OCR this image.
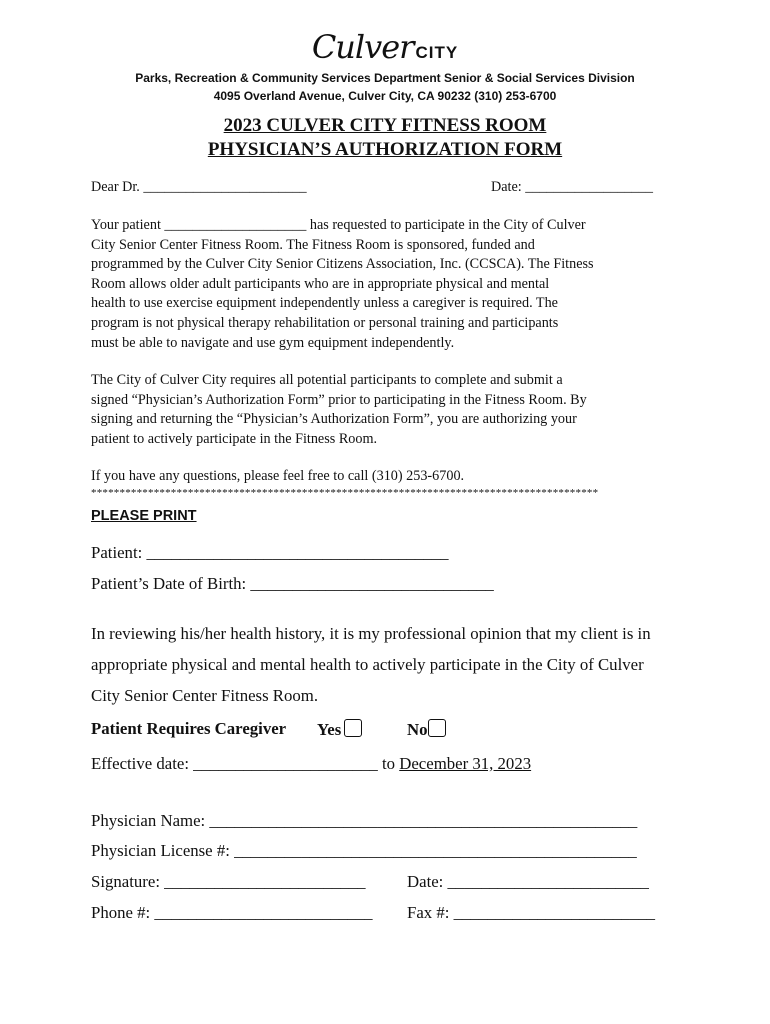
Culver CITY
Parks, Recreation & Community Services Department Senior & Social Services Division
4095 Overland Avenue, Culver City, CA 90232 (310) 253-6700
2023 CULVER CITY FITNESS ROOM
PHYSICIAN’S AUTHORIZATION FORM
Dear Dr. _______________________	Date: __________________
Your patient ____________________ has requested to participate in the City of Culver
City Senior Center Fitness Room. The Fitness Room is sponsored, funded and
programmed by the Culver City Senior Citizens Association, Inc. (CCSCA). The Fitness
Room allows older adult participants who are in appropriate physical and mental
health to use exercise equipment independently unless a caregiver is required. The
program is not physical therapy rehabilitation or personal training and participants
must be able to navigate and use gym equipment independently.
The City of Culver City requires all potential participants to complete and submit a
signed “Physician’s Authorization Form” prior to participating in the Fitness Room. By
signing and returning the “Physician’s Authorization Form”, you are authorizing your
patient to actively participate in the Fitness Room.
If you have any questions, please feel free to call (310) 253-6700.
*****************************************************************************************
PLEASE PRINT
Patient: ____________________________________
Patient’s Date of Birth: _____________________________
In reviewing his/her health history, it is my professional opinion that my client is in
appropriate physical and mental health to actively participate in the City of Culver
City Senior Center Fitness Room.
Patient Requires Caregiver Yes	No
Effective date: ______________________ to December 31, 2023
Physician Name: ___________________________________________________
Physician License #: ________________________________________________
Signature: ________________________ Date: ________________________
Phone #: __________________________ Fax #: ________________________
